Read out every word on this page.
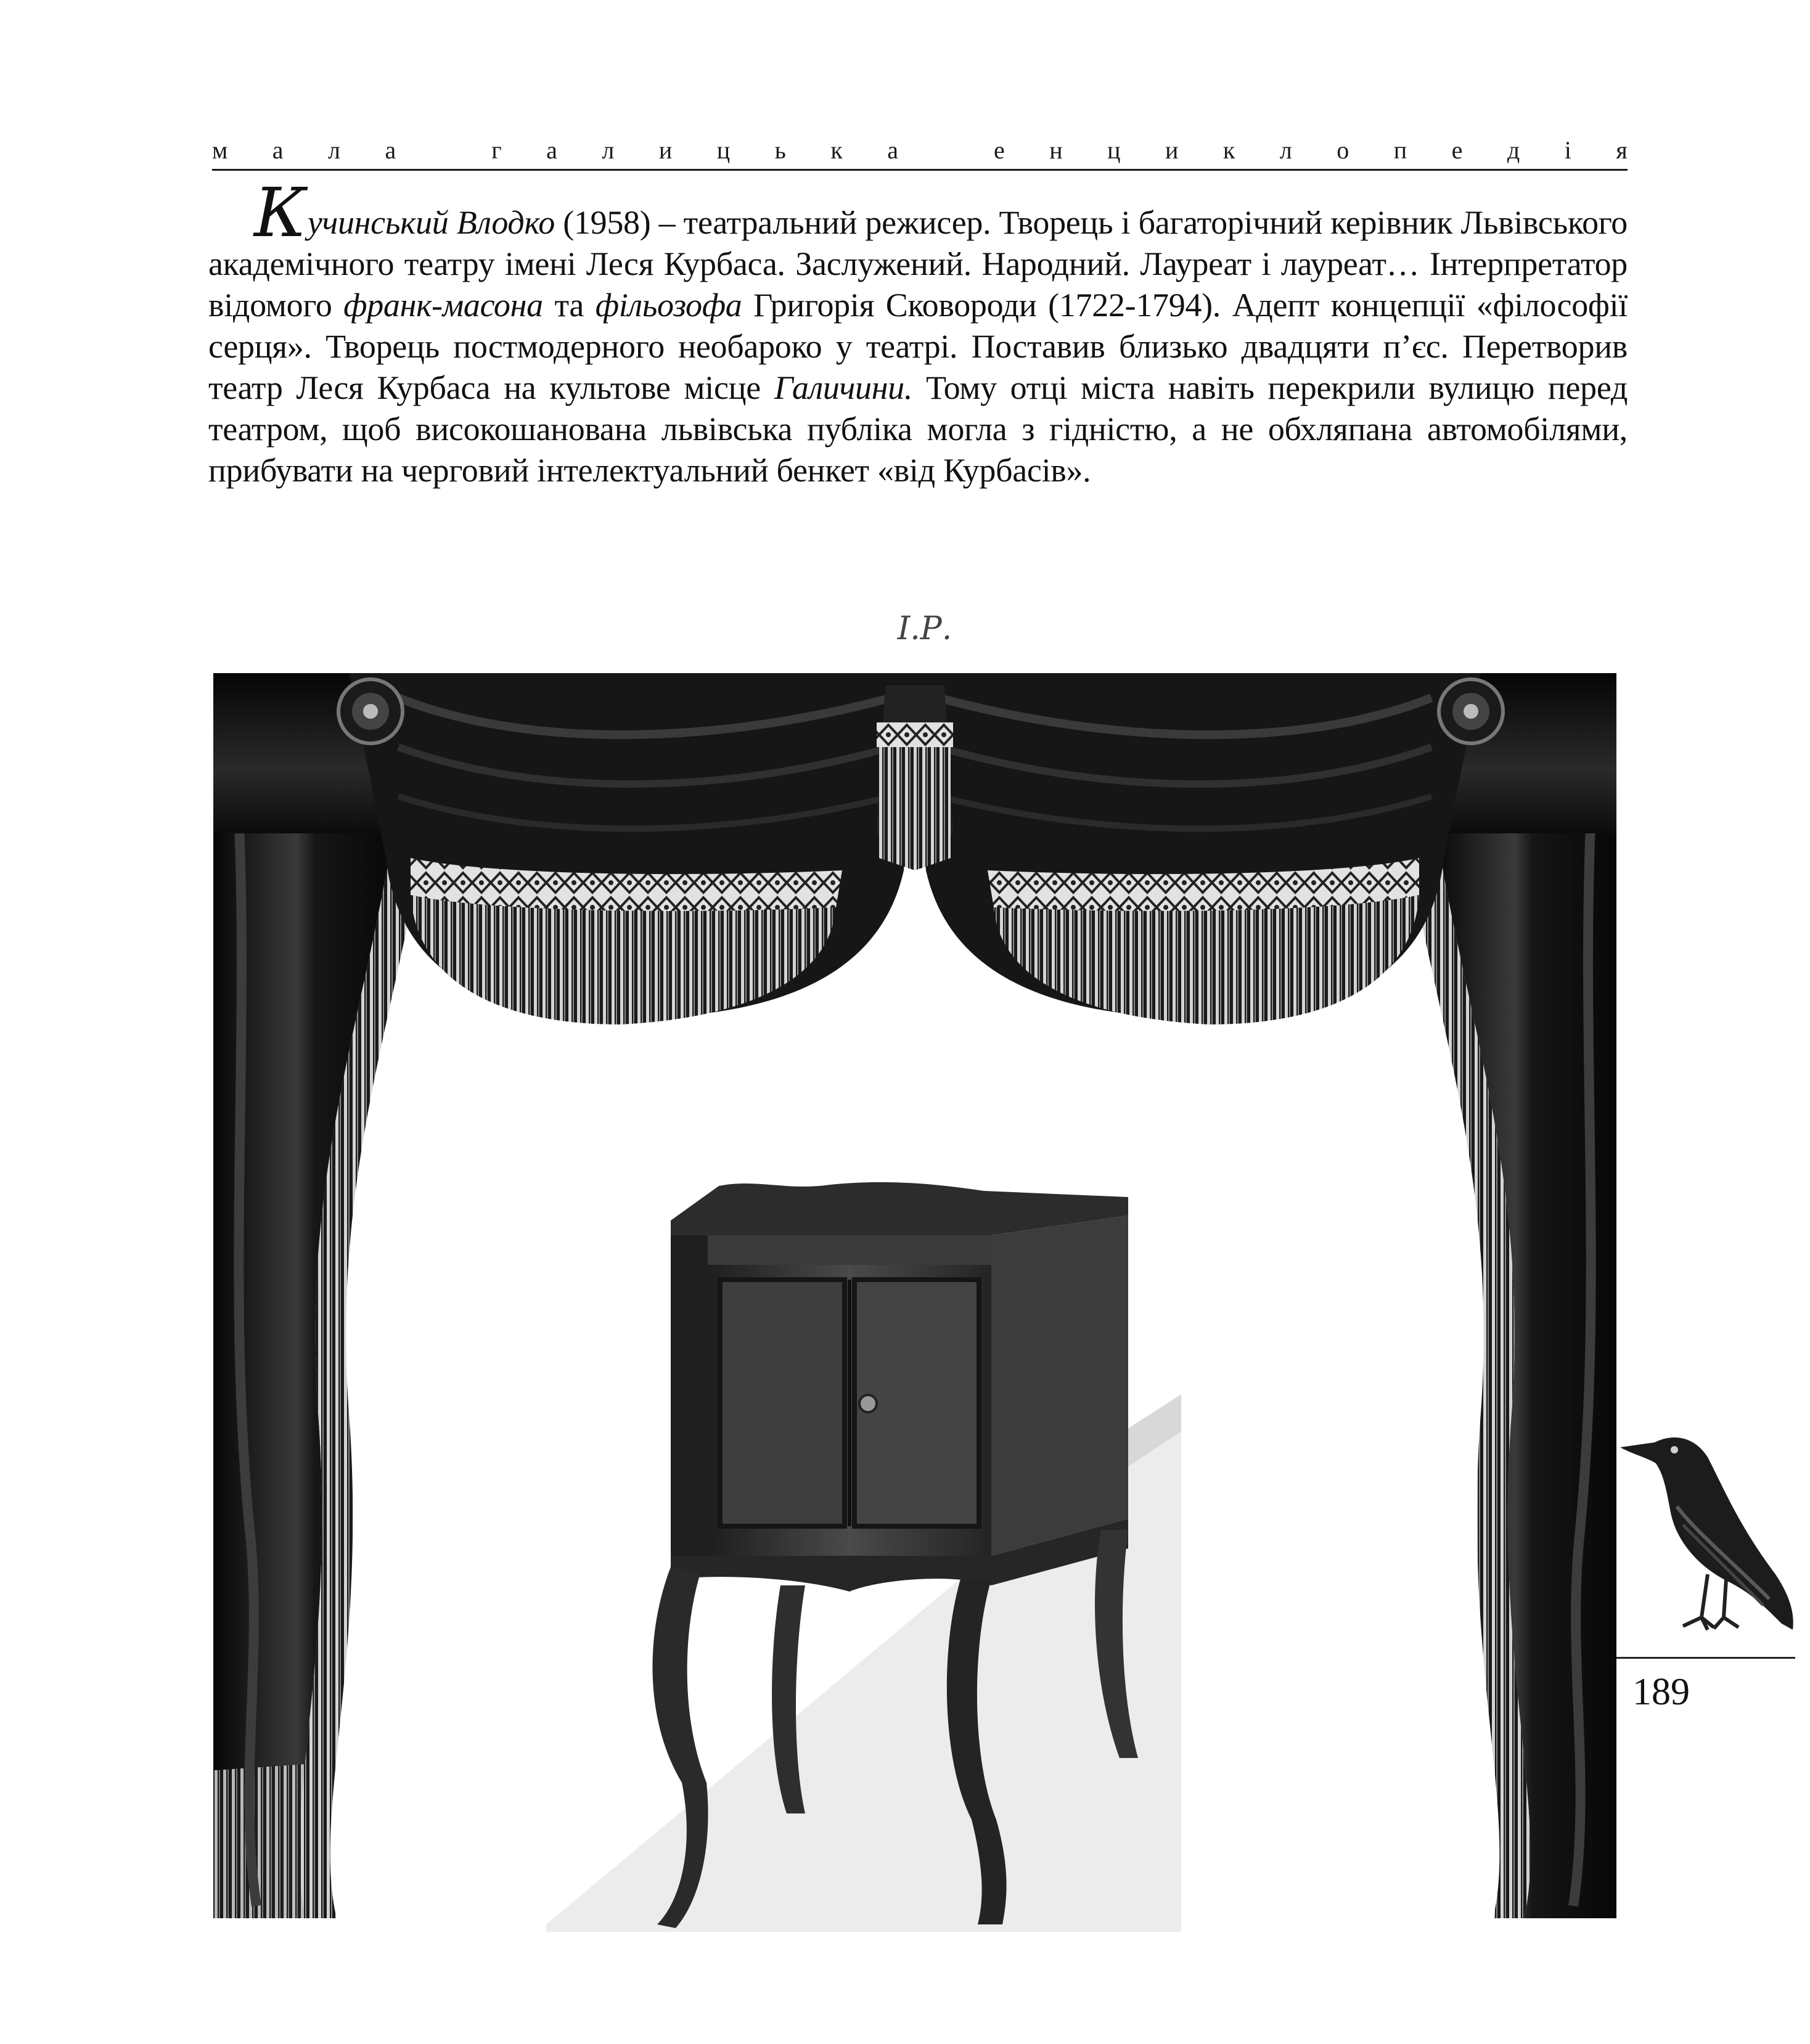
м а л а
	г а л и ц ь к а
	е н ц и к л о п е д і я

Кучинський Влодко (1958) – театральний режисер. Творець і багаторічний керівник Львівського академічного театру імені Леся Курбаса. Заслужений. Народний. Лауреат і лауреат… Інтерпретатор відомого франк-масона та фільозофа Григорія Сковороди (1722-1794). Адепт концепції «філософії серця». Творець постмодерного необароко у театрі. Поставив близько двадцяти п’єс. Перетворив театр Леся Курбаса на культове місце Галичини. Тому отці міста навіть перекрили вулицю перед театром, щоб високошанована львівська публіка могла з гідністю, а не обхляпана автомобілями, прибувати на черговий інтелектуальний бенкет «від Курбасів».

І.Р.
189
